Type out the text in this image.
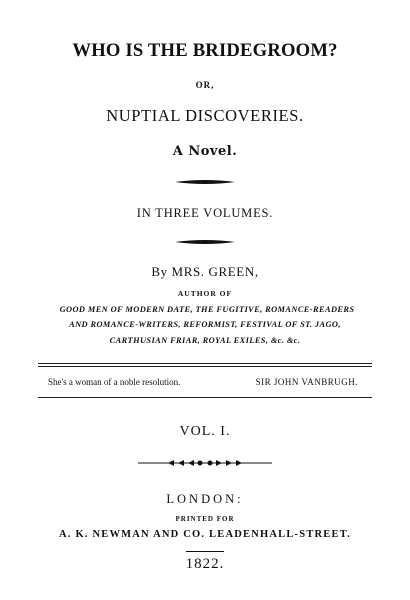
WHO IS THE BRIDEGROOM?
OR,
NUPTIAL DISCOVERIES.
A Novel.
IN THREE VOLUMES.
By MRS. GREEN,
AUTHOR OF
GOOD MEN OF MODERN DATE, THE FUGITIVE, ROMANCE-READERS
AND ROMANCE-WRITERS, REFORMIST, FESTIVAL OF ST. JAGO,
CARTHUSIAN FRIAR, ROYAL EXILES, &c. &c.
She's a woman of a noble resolution.	SIR JOHN VANBRUGH.
VOL. I.
LONDON:
PRINTED FOR
A. K. NEWMAN AND CO. LEADENHALL-STREET.
1822.
